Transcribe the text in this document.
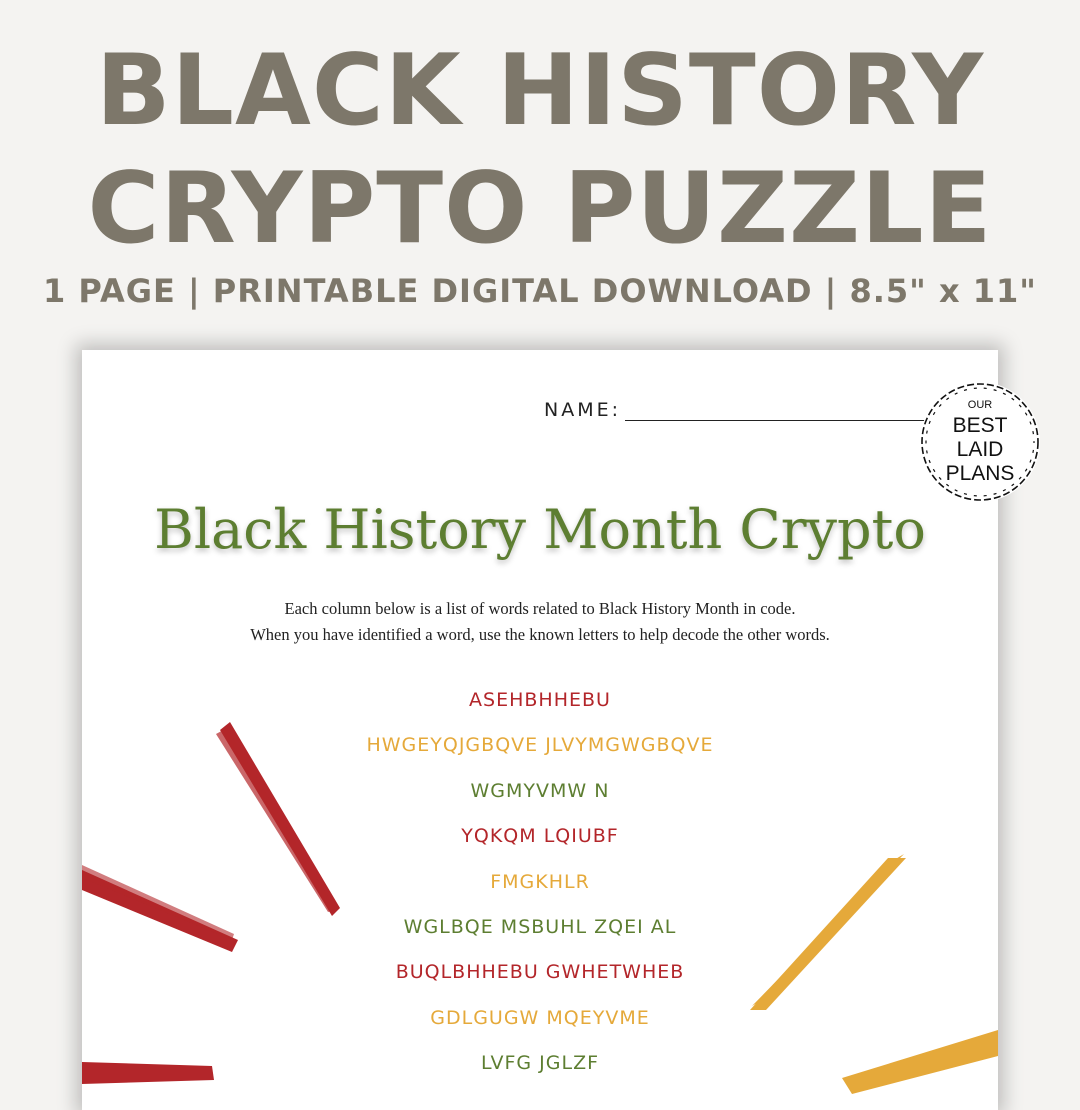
BLACK HISTORY
CRYPTO PUZZLE
1 PAGE | PRINTABLE DIGITAL DOWNLOAD | 8.5" x 11"
NAME:
Black History Month Crypto
Each column below is a list of words related to Black History Month in code.
When you have identified a word, use the known letters to help decode the other words.
ASEHBHHEBU
HWGEYQJGBQVE JLVYMGWGBQVE
WGMYVMW N
YQKQM LQIUBF
FMGKHLR
WGLBQE MSBUHL ZQEI AL
BUQLBHHEBU GWHETWHEB
GDLGUGW MQEYVME
LVFG JGLZF
OUR
BEST
LAID
PLANS
